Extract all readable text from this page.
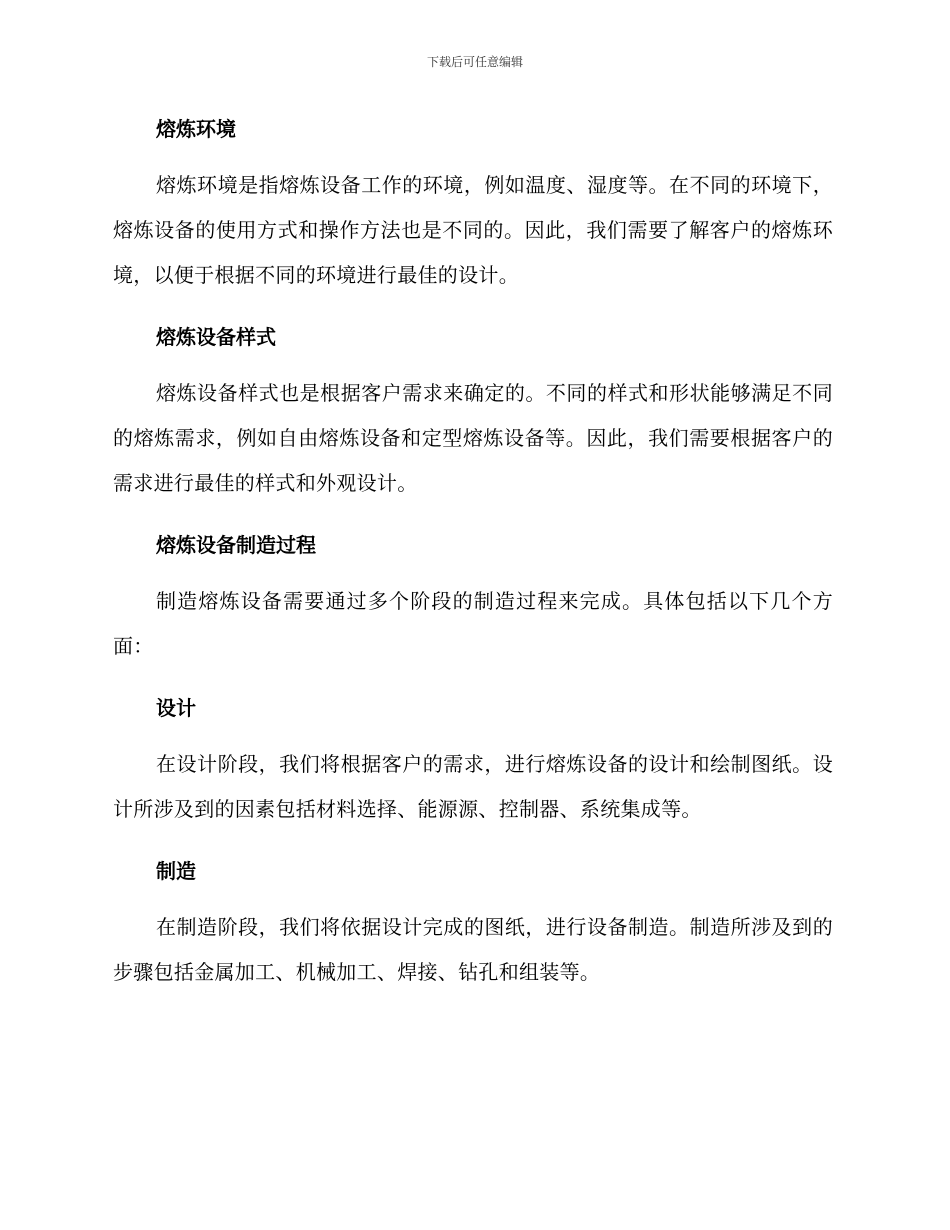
下载后可任意编辑
熔炼环境

熔炼环境是指熔炼设备工作的环境，例如温度、湿度等。在不同的环境下，熔炼设备的使用方式和操作方法也是不同的。因此，我们需要了解客户的熔炼环境，以便于根据不同的环境进行最佳的设计。

熔炼设备样式

熔炼设备样式也是根据客户需求来确定的。不同的样式和形状能够满足不同的熔炼需求，例如自由熔炼设备和定型熔炼设备等。因此，我们需要根据客户的需求进行最佳的样式和外观设计。

熔炼设备制造过程

制造熔炼设备需要通过多个阶段的制造过程来完成。具体包括以下几个方面：

设计

在设计阶段，我们将根据客户的需求，进行熔炼设备的设计和绘制图纸。设计所涉及到的因素包括材料选择、能源源、控制器、系统集成等。

制造

在制造阶段，我们将依据设计完成的图纸，进行设备制造。制造所涉及到的步骤包括金属加工、机械加工、焊接、钻孔和组装等。
